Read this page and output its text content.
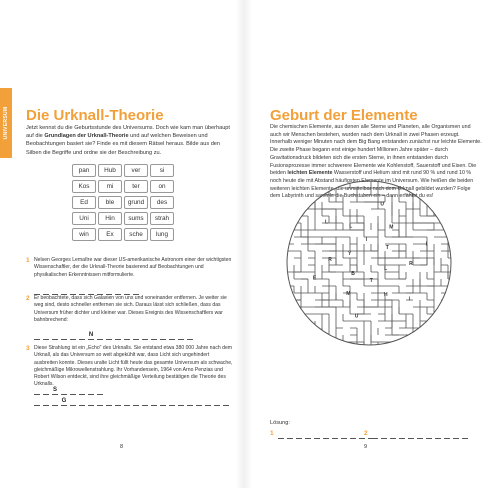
UNIVERSUM Die Urknall-Theorie
Jetzt kennst du die Geburtsstunde des Universums. Doch wie kam man überhaupt auf die Grundlagen der Urknall-Theorie und auf welchen Beweisen und Beobachtungen basiert sie? Finde es mit diesem Rätsel heraus. Bilde aus den Silben die Begriffe und ordne sie der Beschreibung zu.
pan	Hub	ver	si
Kos	mi	ter	on
Ed	ble	grund	des
Uni	Hin	sums	strah
win	Ex	sche	lung
1 Nelsen Georges Lemaître war dieser US-amerikanische Astronom einer der wichtigsten Wissenschaftler, der die Urknall-Theorie basierend auf Beobachtungen und physikalischen Erkenntnissen mitformulierte.
2 Er beobachtete, dass sich Galaxien von uns und voneinander entfernen. Je weiter sie weg sind, desto schneller entfernen sie sich. Daraus lässt sich schließen, dass das Universum früher dichter und kleiner war. Dieses Ereignis des Wissenschaftlers war bahnbrechend:
N
3 Diese Strahlung ist ein „Echo" des Urknalls. Sie entstand etwa 380 000 Jahre nach dem Urknall, als das Universum so weit abgekühlt war, dass Licht sich ungehindert ausbreiten konnte. Dieses uralte Licht füllt heute das gesamte Universum als schwache, gleichmäßige Mikrowellenstrahlung. Ihr Vorhandensein, 1964 von Arno Penzias und Robert Wilson entdeckt, sind ihre gleichmäßige Verteilung bestätigen die Theorie des Urknalls.
S
G
8
Geburt der Elemente
Die chemischen Elemente, aus denen alle Sterne und Planeten, alle Organismen und auch wir Menschen bestehen, wurden nach dem Urknall in zwei Phasen erzeugt. Innerhalb weniger Minuten nach dem Big Bang entstanden zunächst nur leichte Elemente. Die zweite Phase begann erst einige hundert Millionen Jahre später – durch Gravitationsdruck bildeten sich die ersten Sterne, in ihnen entstanden durch Fusionsprozesse immer schwerere Elemente wie Kohlenstoff, Sauerstoff und Eisen. Die beiden leichten Elemente Wasserstoff und Helium sind mit rund 90 % und rund 10 % noch heute die mit Abstand häufigsten Elemente im Universum. Wie heißen die beiden weiteren leichten Elemente, die unmittelbar nach dem Urknall gebildet wurden? Folge dem Labyrinth und sammle die Buchstaben ein – dann erfährst du es!
L
I
H
T
U
M
B
E
R
Y
L
L
I
U
M
T
I
R
Lösung:
1	2
9
